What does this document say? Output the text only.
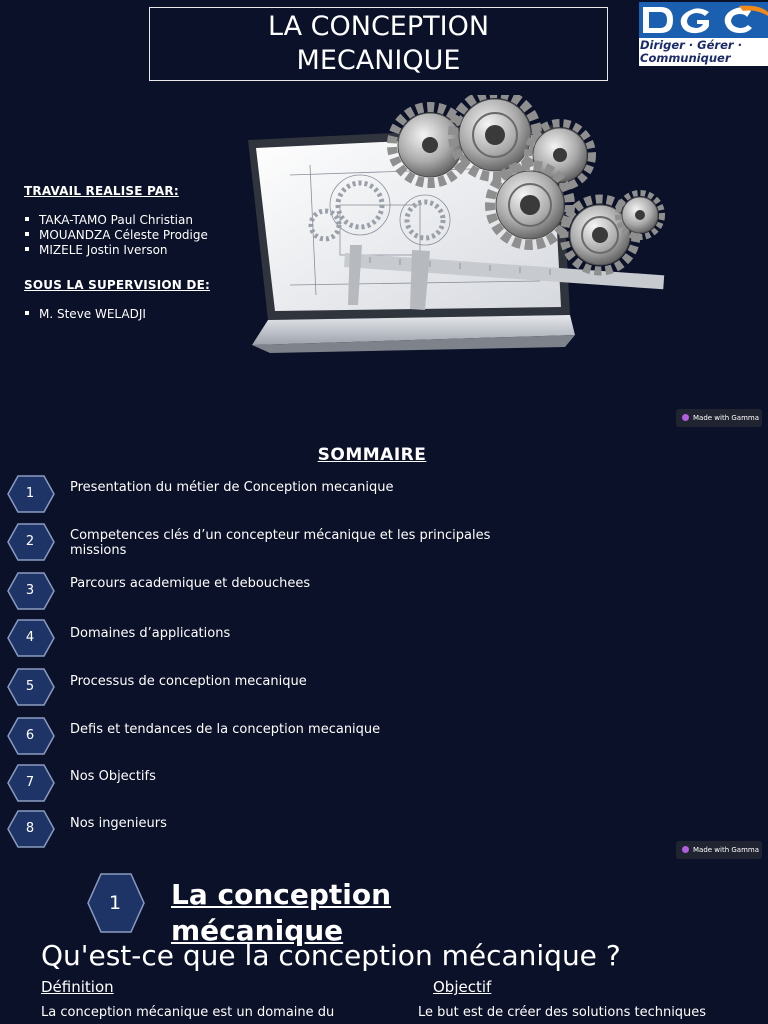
LA CONCEPTION
MECANIQUE	Diriger · Gérer ·
Communiquer
TRAVAIL REALISE PAR:
TAKA-TAMO Paul Christian
MOUANDZA Céleste Prodige
MIZELE Jostin Iverson
SOUS LA SUPERVISION DE:
M. Steve WELADJI
Made with Gamma
SOMMAIRE
1	Presentation du métier de Conception mecanique
2	Competences clés d’un concepteur mécanique et les principales missions
3	Parcours academique et debouchees
4	Domaines d’applications
5	Processus de conception mecanique
6	Defis et tendances de la conception mecanique
7	Nos Objectifs
8	Nos ingenieurs
Made with Gamma
1	La conception mécanique
Qu'est-ce que la conception mécanique ?
Définition
La conception mécanique est un domaine du
Objectif
Le but est de créer des solutions techniques
